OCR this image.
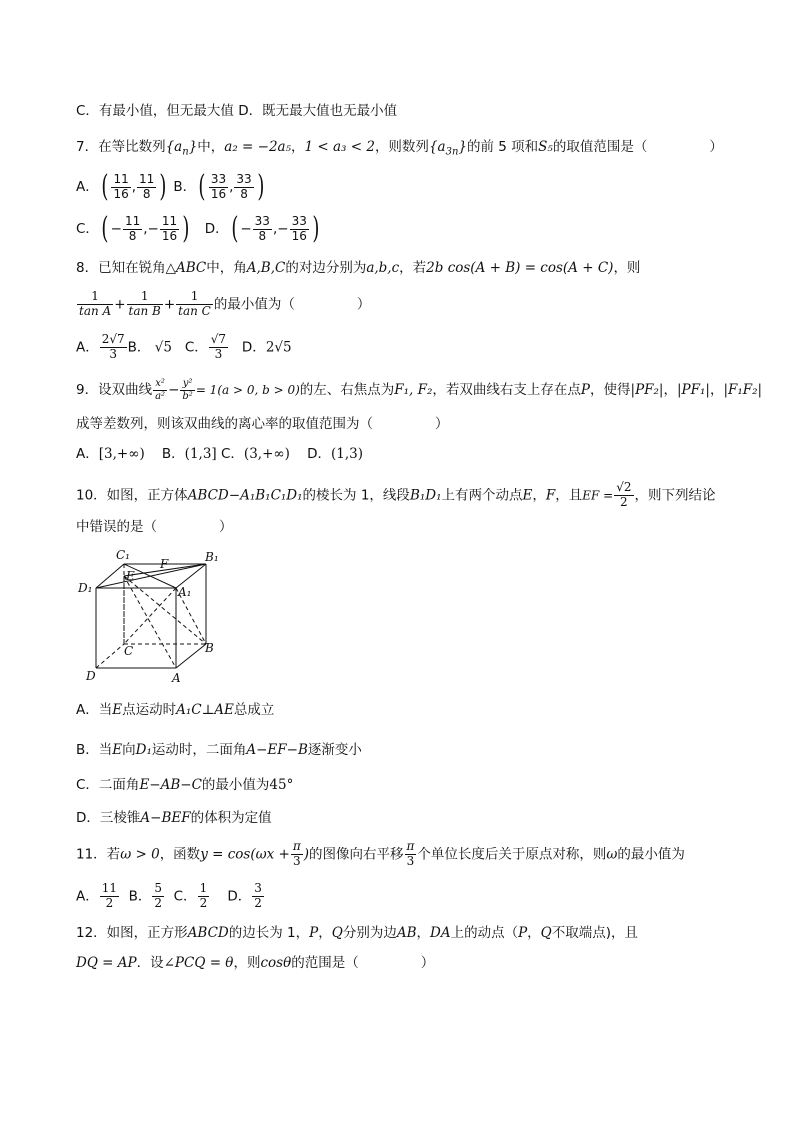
C．有最小值，但无最大值 D．既无最大值也无最小值
7．在等比数列$\{a_n\}$中，a₂ = −2a₅，1 < a₃ < 2，则数列$\{a_{3n}\}$的前 5 项和S₅的取值范围是（	）
A．( $\frac{11}{16}$ , $\frac{11}{8}$ ) B．( $\frac{33}{16}$ , $\frac{33}{8}$ )
C．( − $\frac{11}{8}$ ,− $\frac{11}{16}$ ) D．( − $\frac{33}{8}$ ,− $\frac{33}{16}$ )
8．已知在锐角△ABC中，角A,B,C的对边分别为a,b,c，若2b cos(A + B) = cos(A + C)，则
$\frac{1}{\text{tan A}} + \frac{1}{\text{tan B}} + \frac{1}{\text{tan C}}$ 的最小值为（	）
A． $\frac{2√7}{3}$ B． √5 C． $\frac{√7}{3}$ D．2√5
9．设双曲线 $\frac{\text{x²}}{\text{a²}} - \frac{\text{y²}}{\text{b²}} = 1(a > 0$, b > 0)的左、右焦点为F₁, F₂，若双曲线右支上存在点P，使得|PF₂|，|PF₁|，|F₁F₂|
成等差数列，则该双曲线的离心率的取值范围为（	）
A．[3,+∞) B．(1,3] C．(3,+∞) D．(1,3)
10．如图，正方体ABCD−A₁B₁C₁D₁的棱长为 1，线段B₁D₁上有两个动点E，F，且EF = $\frac{√2}{2}$ ，则下列结论
中错误的是（	）
C₁
F	B₁
D₁
E
A₁
C	B
D	A
A．当E点运动时A₁C⊥AE总成立
B．当E向D₁运动时，二面角A−EF−B逐渐变小
C．二面角E−AB−C的最小值为45°
D．三棱锥A−BEF的体积为定值
11．若ω > 0，函数$y = \cos(\omega x + \frac{\pi}{3}$ )的图像向右平移 $\frac{\pi}{3}$ 个单位长度后关于原点对称，则ω的最小值为
A． $\frac{11}{2}$ B． $\frac{5}{2}$ C． $\frac{1}{2}$ D． $\frac{3}{2}$
12．如图，正方形ABCD的边长为 1，P，Q分别为边AB，DA上的动点（P，Q不取端点)，且
DQ = AP．设∠PCQ = θ，则cosθ的范围是（	）
